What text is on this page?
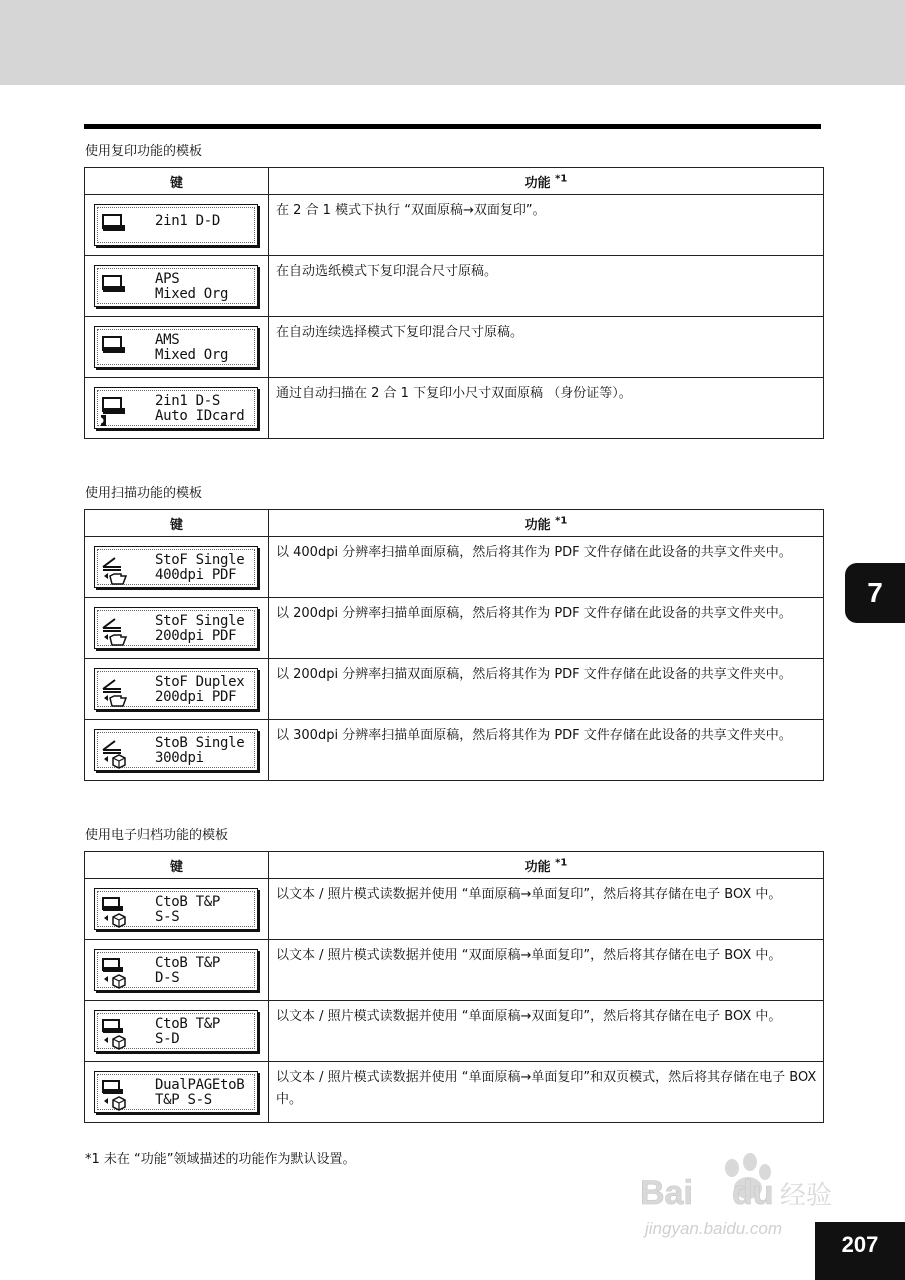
使用复印功能的模板
键	功能 $^{*1}$

2in1 D-D	在 2 合 1 模式下执行 “双面原稿→双面复印”。

APS
Mixed Org	在自动选纸模式下复印混合尺寸原稿。

AMS
Mixed Org	在自动连续选择模式下复印混合尺寸原稿。

2in1 D-S
Auto IDcard	通过自动扫描在 2 合 1 下复印小尺寸双面原稿 （身份证等）。
使用扫描功能的模板
键	功能 $^{*1}$

StoF Single
400dpi PDF	以 400dpi 分辨率扫描单面原稿，然后将其作为 PDF 文件存储在此设备的共享文件夹中。

StoF Single
200dpi PDF	以 200dpi 分辨率扫描单面原稿，然后将其作为 PDF 文件存储在此设备的共享文件夹中。

StoF Duplex
200dpi PDF	以 200dpi 分辨率扫描双面原稿，然后将其作为 PDF 文件存储在此设备的共享文件夹中。

StoB Single
300dpi	以 300dpi 分辨率扫描单面原稿，然后将其作为 PDF 文件存储在此设备的共享文件夹中。
使用电子归档功能的模板
键	功能 $^{*1}$

CtoB T&P
S-S	以文本 / 照片模式读数据并使用 “单面原稿→单面复印”，然后将其存储在电子 BOX 中。

CtoB T&P
D-S	以文本 / 照片模式读数据并使用 “双面原稿→单面复印”，然后将其存储在电子 BOX 中。

CtoB T&P
S-D	以文本 / 照片模式读数据并使用 “单面原稿→双面复印”，然后将其存储在电子 BOX 中。

DualPAGEtoB
T&P S-S	以文本 / 照片模式读数据并使用 “单面原稿→单面复印”和双页模式，然后将其存储在电子 BOX 中。
*1 未在 “功能”领域描述的功能作为默认设置。
7
Bai du 经验
jingyan.baidu.com
207
